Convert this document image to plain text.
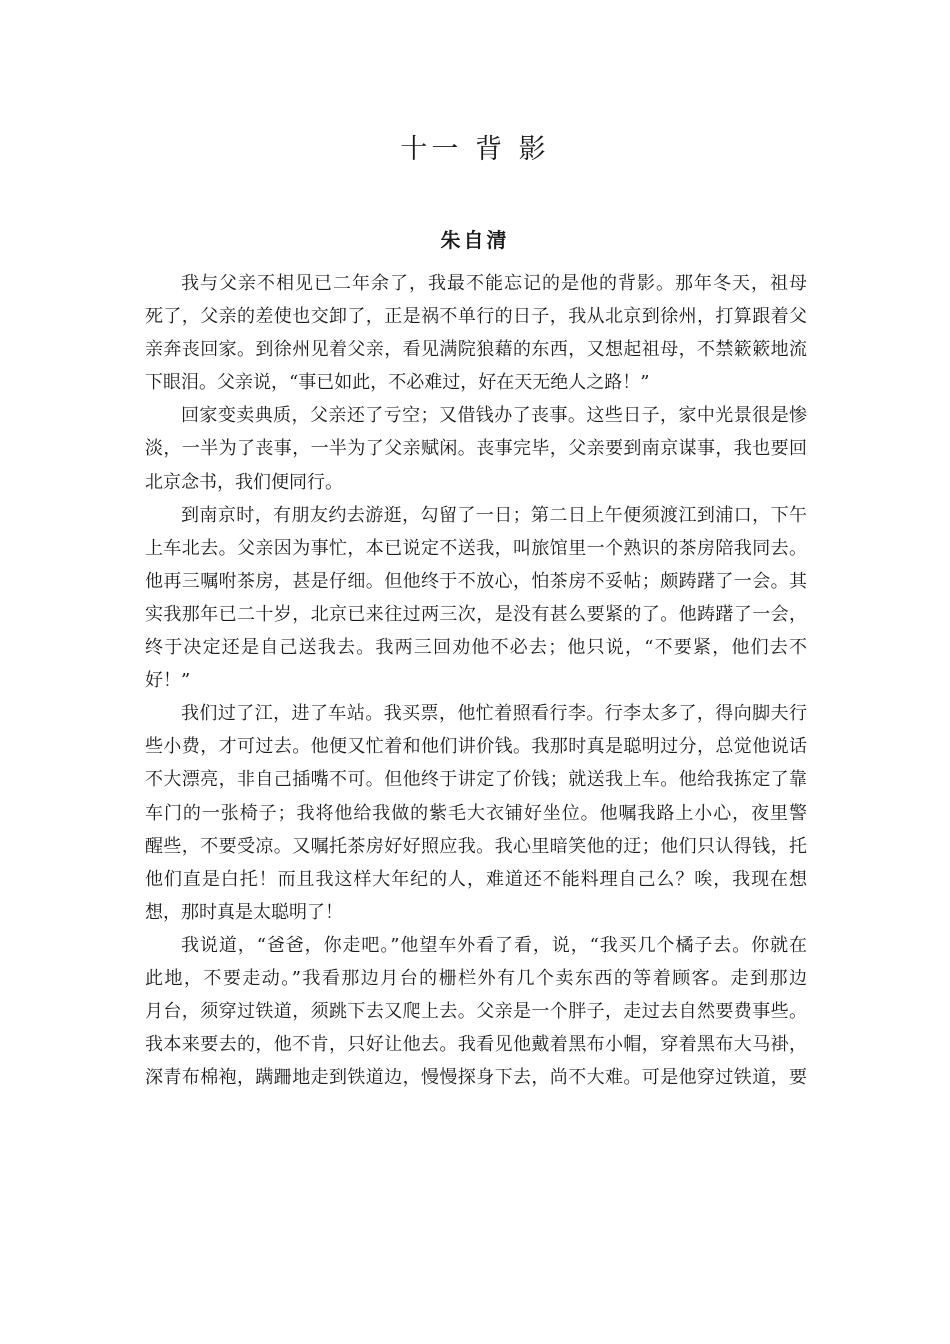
十一 背 影
朱自清
我与父亲不相见已二年余了，我最不能忘记的是他的背影。那年冬天，祖母
死了，父亲的差使也交卸了，正是祸不单行的日子，我从北京到徐州，打算跟着父
亲奔丧回家。到徐州见着父亲，看见满院狼藉的东西，又想起祖母，不禁簌簌地流
下眼泪。父亲说，“事已如此，不必难过，好在天无绝人之路！”
回家变卖典质，父亲还了亏空；又借钱办了丧事。这些日子，家中光景很是惨
淡，一半为了丧事，一半为了父亲赋闲。丧事完毕，父亲要到南京谋事，我也要回
北京念书，我们便同行。
到南京时，有朋友约去游逛，勾留了一日；第二日上午便须渡江到浦口，下午
上车北去。父亲因为事忙，本已说定不送我，叫旅馆里一个熟识的茶房陪我同去。
他再三嘱咐茶房，甚是仔细。但他终于不放心，怕茶房不妥帖；颇踌躇了一会。其
实我那年已二十岁，北京已来往过两三次，是没有甚么要紧的了。他踌躇了一会，
终于决定还是自己送我去。我两三回劝他不必去；他只说，“不要紧，他们去不
好！”
我们过了江，进了车站。我买票，他忙着照看行李。行李太多了，得向脚夫行
些小费，才可过去。他便又忙着和他们讲价钱。我那时真是聪明过分，总觉他说话
不大漂亮，非自己插嘴不可。但他终于讲定了价钱；就送我上车。他给我拣定了靠
车门的一张椅子；我将他给我做的紫毛大衣铺好坐位。他嘱我路上小心，夜里警
醒些，不要受凉。又嘱托茶房好好照应我。我心里暗笑他的迂；他们只认得钱，托
他们直是白托！而且我这样大年纪的人，难道还不能料理自己么？唉，我现在想
想，那时真是太聪明了！
我说道，“爸爸，你走吧。”他望车外看了看，说，“我买几个橘子去。你就在
此地，不要走动。”我看那边月台的栅栏外有几个卖东西的等着顾客。走到那边
月台，须穿过铁道，须跳下去又爬上去。父亲是一个胖子，走过去自然要费事些。
我本来要去的，他不肯，只好让他去。我看见他戴着黑布小帽，穿着黑布大马褂，
深青布棉袍，蹒跚地走到铁道边，慢慢探身下去，尚不大难。可是他穿过铁道，要
